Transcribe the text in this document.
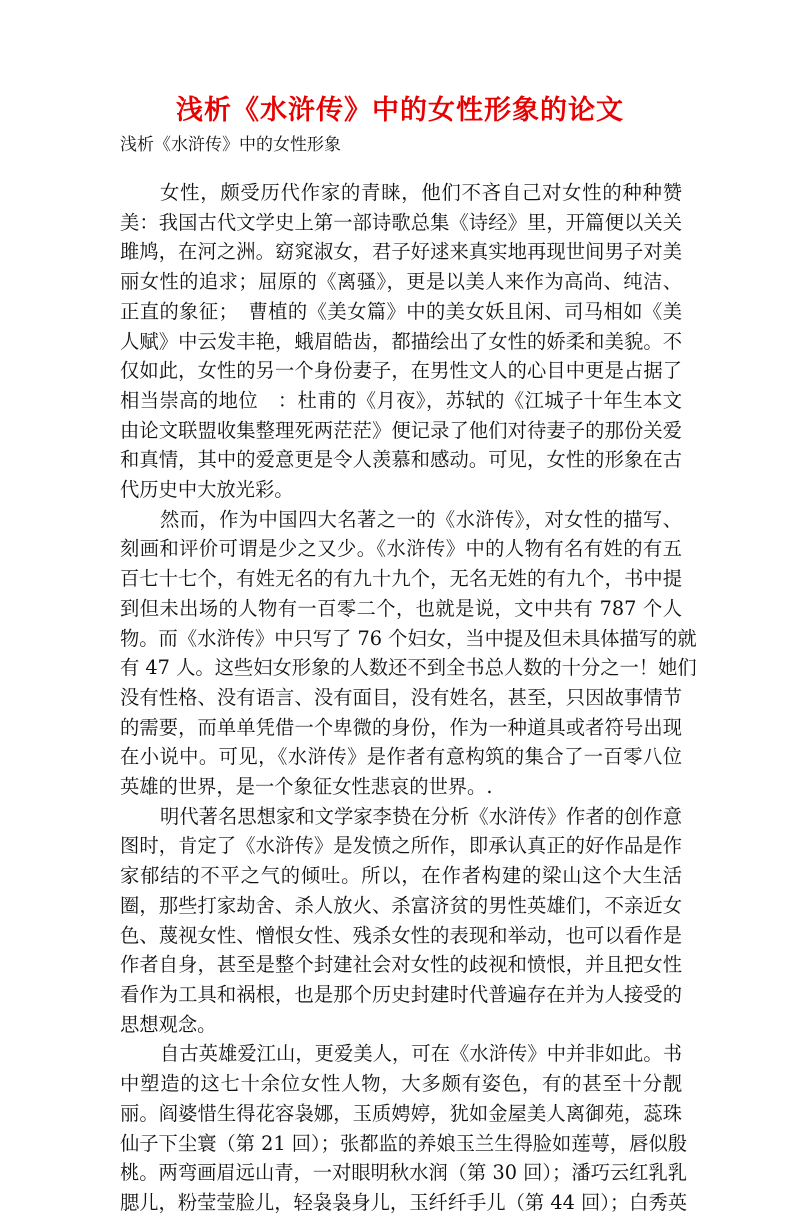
浅析《水浒传》中的女性形象的论文
浅析《水浒传》中的女性形象

女性，颇受历代作家的青睐，他们不吝自己对女性的种种赞
美：我国古代文学史上第一部诗歌总集《诗经》里，开篇便以关关
雎鸠，在河之洲。窈窕淑女，君子好逑来真实地再现世间男子对美
丽女性的追求；屈原的《离骚》，更是以美人来作为高尚、纯洁、
正直的象征；　曹植的《美女篇》中的美女妖且闲、司马相如《美
人赋》中云发丰艳，蛾眉皓齿，都描绘出了女性的娇柔和美貌。不
仅如此，女性的另一个身份妻子，在男性文人的心目中更是占据了
相当崇高的地位　：杜甫的《月夜》，苏轼的《江城子十年生本文
由论文联盟收集整理死两茫茫》便记录了他们对待妻子的那份关爱
和真情，其中的爱意更是令人羡慕和感动。可见，女性的形象在古
代历史中大放光彩。

然而，作为中国四大名著之一的《水浒传》，对女性的描写、
刻画和评价可谓是少之又少。《水浒传》中的人物有名有姓的有五
百七十七个，有姓无名的有九十九个，无名无姓的有九个，书中提
到但未出场的人物有一百零二个，也就是说，文中共有 787 个人
物。而《水浒传》中只写了 76 个妇女，当中提及但未具体描写的就
有 47 人。这些妇女形象的人数还不到全书总人数的十分之一！她们
没有性格、没有语言、没有面目，没有姓名，甚至，只因故事情节
的需要，而单单凭借一个卑微的身份，作为一种道具或者符号出现
在小说中。可见，《水浒传》是作者有意构筑的集合了一百零八位
英雄的世界，是一个象征女性悲哀的世界。.

明代著名思想家和文学家李贽在分析《水浒传》作者的创作意
图时，肯定了《水浒传》是发愤之所作，即承认真正的好作品是作
家郁结的不平之气的倾吐。所以，在作者构建的梁山这个大生活
圈，那些打家劫舍、杀人放火、杀富济贫的男性英雄们，不亲近女
色、蔑视女性、憎恨女性、残杀女性的表现和举动，也可以看作是
作者自身，甚至是整个封建社会对女性的歧视和愤恨，并且把女性
看作为工具和祸根，也是那个历史封建时代普遍存在并为人接受的
思想观念。

自古英雄爱江山，更爱美人，可在《水浒传》中并非如此。书
中塑造的这七十余位女性人物，大多颇有姿色，有的甚至十分靓
丽。阎婆惜生得花容袅娜，玉质娉婷，犹如金屋美人离御苑，蕊珠
仙子下尘寰（第 21 回）；张都监的养娘玉兰生得脸如莲萼，唇似殷
桃。两弯画眉远山青，一对眼明秋水润（第 30 回）；潘巧云红乳乳
腮儿，粉莹莹脸儿，轻袅袅身儿，玉纤纤手儿（第 44 回）；白秀英
